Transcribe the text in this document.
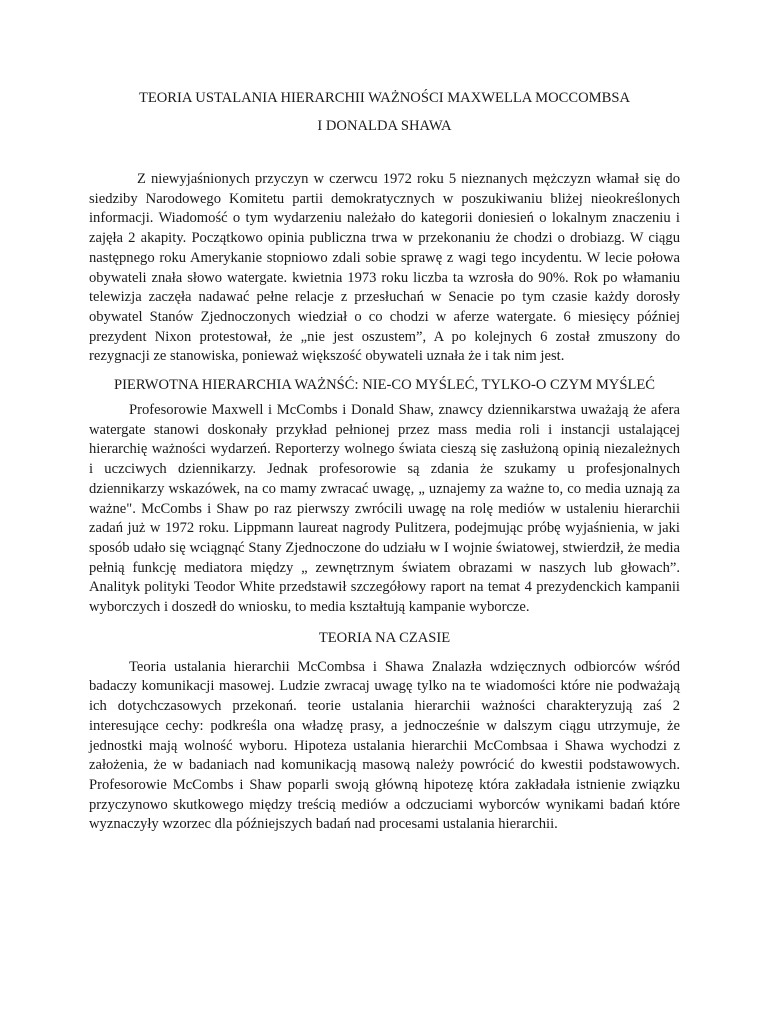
TEORIA USTALANIA HIERARCHII WAŻNOŚCI MAXWELLA MOCCOMBSA

I DONALDA SHAWA

Z niewyjaśnionych przyczyn w czerwcu 1972 roku 5 nieznanych mężczyzn włamał się do siedziby Narodowego Komitetu partii demokratycznych w poszukiwaniu bliżej nieokreślonych informacji. Wiadomość o tym wydarzeniu należało do kategorii doniesień o lokalnym znaczeniu i zajęła 2 akapity. Początkowo opinia publiczna trwa w przekonaniu że chodzi o drobiazg. W ciągu następnego roku Amerykanie stopniowo zdali sobie sprawę z wagi tego incydentu. W lecie połowa obywateli znała słowo watergate. kwietnia 1973 roku liczba ta wzrosła do 90%. Rok po włamaniu telewizja zaczęła nadawać pełne relacje z przesłuchań w Senacie po tym czasie każdy dorosły obywatel Stanów Zjednoczonych wiedział o co chodzi w aferze watergate. 6 miesięcy później prezydent Nixon protestował, że „nie jest oszustem”, A po kolejnych 6 został zmuszony do rezygnacji ze stanowiska, ponieważ większość obywateli uznała że i tak nim jest.

PIERWOTNA HIERARCHIA WAŻNŚĆ: NIE-CO MYŚLEĆ, TYLKO-O CZYM MYŚLEĆ

Profesorowie Maxwell i McCombs i Donald Shaw, znawcy dziennikarstwa uważają że afera watergate stanowi doskonały przykład pełnionej przez mass media roli i instancji ustalającej hierarchię ważności wydarzeń. Reporterzy wolnego świata cieszą się zasłużoną opinią niezależnych i uczciwych dziennikarzy. Jednak profesorowie są zdania że szukamy u profesjonalnych dziennikarzy wskazówek, na co mamy zwracać uwagę, „ uznajemy za ważne to, co media uznają za ważne". McCombs i Shaw po raz pierwszy zwrócili uwagę na rolę mediów w ustaleniu hierarchii zadań już w 1972 roku. Lippmann laureat nagrody Pulitzera, podejmując próbę wyjaśnienia, w jaki sposób udało się wciągnąć Stany Zjednoczone do udziału w I wojnie światowej, stwierdził, że media pełnią funkcję mediatora między „ zewnętrznym światem obrazami w naszych lub głowach”. Analityk polityki Teodor White przedstawił szczegółowy raport na temat 4 prezydenckich kampanii wyborczych i doszedł do wniosku, to media kształtują kampanie wyborcze.

TEORIA NA CZASIE

Teoria ustalania hierarchii McCombsa i Shawa Znalazła wdzięcznych odbiorców wśród badaczy komunikacji masowej. Ludzie zwracaj uwagę tylko na te wiadomości które nie podważają ich dotychczasowych przekonań. teorie ustalania hierarchii ważności charakteryzują zaś 2 interesujące cechy: podkreśla ona władzę prasy, a jednocześnie w dalszym ciągu utrzymuje, że jednostki mają wolność wyboru. Hipoteza ustalania hierarchii McCombsaa i Shawa wychodzi z założenia, że w badaniach nad komunikacją masową należy powrócić do kwestii podstawowych. Profesorowie McCombs i Shaw poparli swoją główną hipotezę która zakładała istnienie związku przyczynowo skutkowego między treścią mediów a odczuciami wyborców wynikami badań które wyznaczyły wzorzec dla późniejszych badań nad procesami ustalania hierarchii.
